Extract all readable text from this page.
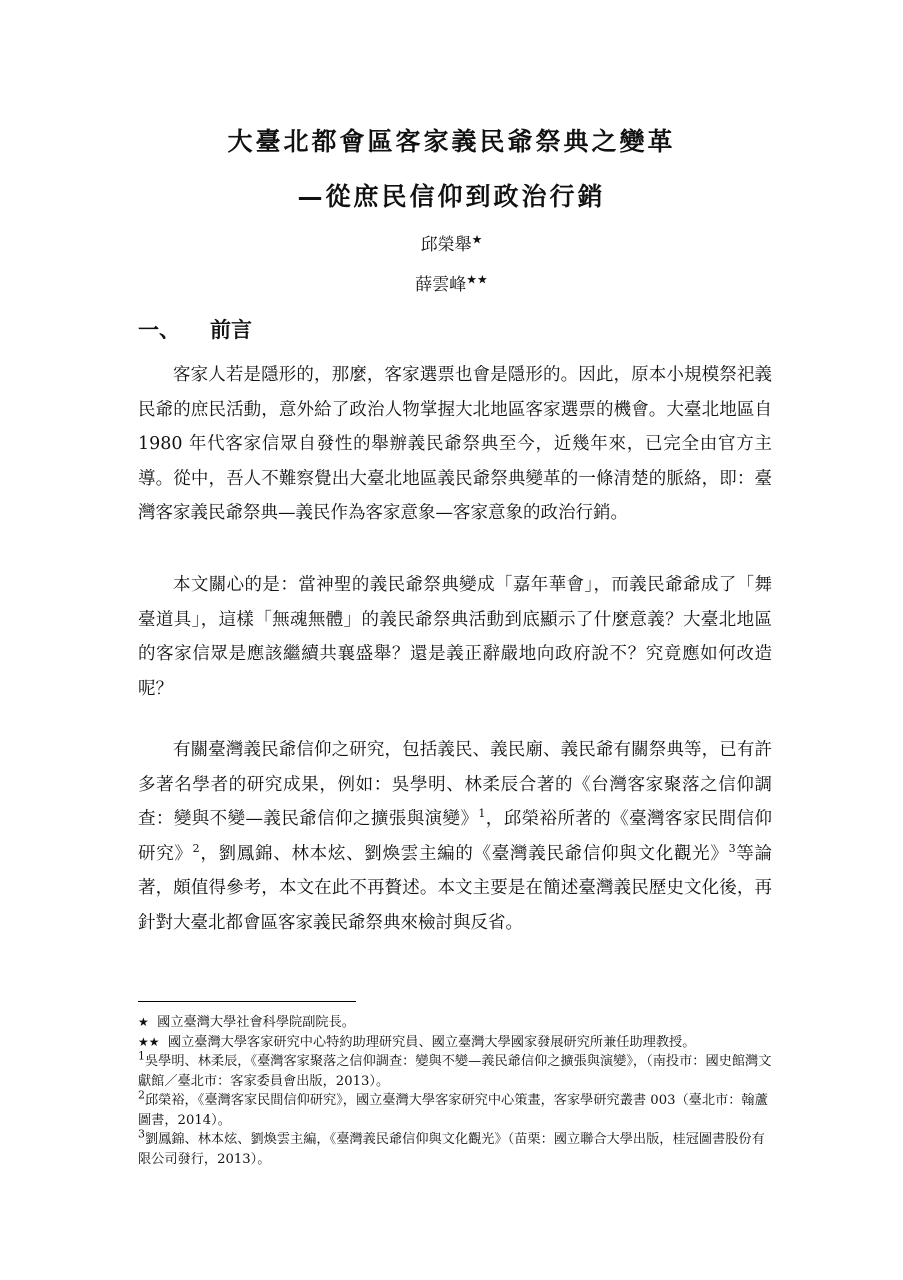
大臺北都會區客家義民爺祭典之變革
—從庶民信仰到政治行銷
邱榮舉★
薛雲峰★★
一、 前言

客家人若是隱形的，那麼，客家選票也會是隱形的。因此，原本小規模祭祀義民爺的庶民活動，意外給了政治人物掌握大北地區客家選票的機會。大臺北地區自 1980 年代客家信眾自發性的舉辦義民爺祭典至今，近幾年來，已完全由官方主導。從中，吾人不難察覺出大臺北地區義民爺祭典變革的一條清楚的脈絡，即：臺灣客家義民爺祭典—義民作為客家意象—客家意象的政治行銷。

本文關心的是：當神聖的義民爺祭典變成「嘉年華會」，而義民爺爺成了「舞臺道具」，這樣「無魂無體」的義民爺祭典活動到底顯示了什麼意義？大臺北地區的客家信眾是應該繼續共襄盛舉？還是義正辭嚴地向政府說不？究竟應如何改造呢？

有關臺灣義民爺信仰之研究，包括義民、義民廟、義民爺有關祭典等，已有許多著名學者的研究成果，例如：吳學明、林柔辰合著的《台灣客家聚落之信仰調查：變與不變—義民爺信仰之擴張與演變》$^1$，邱榮裕所著的《臺灣客家民間信仰研究》$^2$，劉鳳錦、林本炫、劉煥雲主編的《臺灣義民爺信仰與文化觀光》$^3$等論著，頗值得參考，本文在此不再贅述。本文主要是在簡述臺灣義民歷史文化後，再針對大臺北都會區客家義民爺祭典來檢討與反省。

★ 國立臺灣大學社會科學院副院長。
★★ 國立臺灣大學客家研究中心特約助理研究員、國立臺灣大學國家發展研究所兼任助理教授。
$^1$吳學明、林柔辰，《臺灣客家聚落之信仰調查：變與不變—義民爺信仰之擴張與演變》，（南投市：國史館灣文獻館／臺北市：客家委員會出版，2013）。
$^2$邱榮裕，《臺灣客家民間信仰研究》，國立臺灣大學客家研究中心策畫，客家學研究叢書 003（臺北市：翰蘆圖書，2014）。
$^3$劉鳳錦、林本炫、劉煥雲主編，《臺灣義民爺信仰與文化觀光》（苗栗：國立聯合大學出版，桂冠圖書股份有限公司發行，2013）。
